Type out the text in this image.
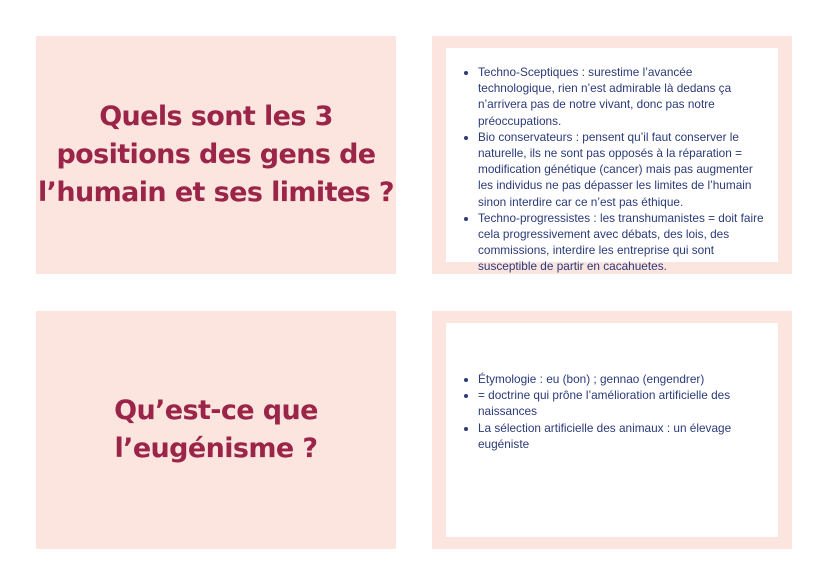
Quels sont les 3
positions des gens de
l’humain et ses limites ?

• Techno-Sceptiques : surestime l’avancée technologique, rien n’est admirable là dedans ça n’arrivera pas de notre vivant, donc pas notre préoccupations.
• Bio conservateurs : pensent qu’il faut conserver le naturelle, ils ne sont pas opposés à la réparation = modification génétique (cancer) mais pas augmenter les individus ne pas dépasser les limites de l’humain sinon interdire car ce n’est pas éthique.
• Techno-progressistes : les transhumanistes = doit faire cela progressivement avec débats, des lois, des commissions, interdire les entreprise qui sont susceptible de partir en cacahuetes.

Qu’est-ce que
l’eugénisme ?

• Étymologie : eu (bon) ; gennao (engendrer)
• = doctrine qui prône l’amélioration artificielle des naissances
• La sélection artificielle des animaux : un élevage eugéniste
